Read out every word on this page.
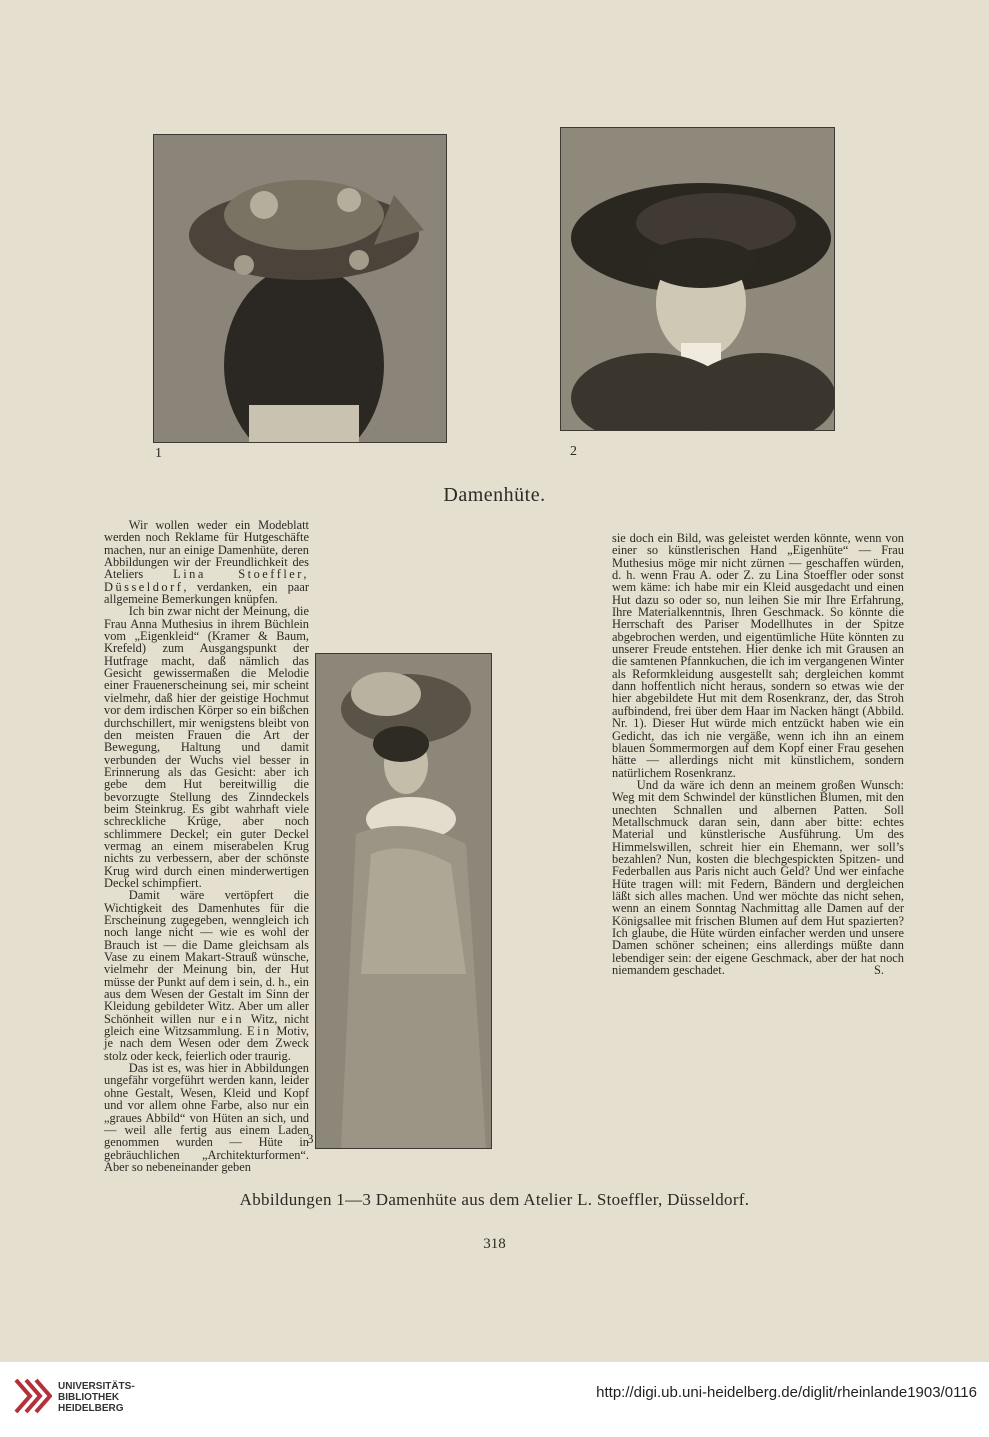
1	2
Damenhüte.
3

Wir wollen weder ein Modeblatt werden noch Reklame für Hutgeschäfte machen, nur an einige Damenhüte, deren Abbildungen wir der Freundlichkeit des Ateliers Lina Stoeffler, Düsseldorf, verdanken, ein paar allgemeine Bemerkungen knüpfen.

Ich bin zwar nicht der Meinung, die Frau Anna Muthesius in ihrem Büchlein vom „Eigenkleid“ (Kramer & Baum, Krefeld) zum Ausgangspunkt der Hutfrage macht, daß nämlich das Gesicht gewissermaßen die Melodie einer Frauenerscheinung sei, mir scheint vielmehr, daß hier der geistige Hochmut vor dem irdischen Körper so ein bißchen durchschillert, mir wenigstens bleibt von den meisten Frauen die Art der Bewegung, Haltung und damit verbunden der Wuchs viel besser in Erinnerung als das Gesicht: aber ich gebe dem Hut bereitwillig die bevorzugte Stellung des Zinndeckels beim Steinkrug. Es gibt wahrhaft viele schreckliche Krüge, aber noch schlimmere Deckel; ein guter Deckel vermag an einem miserabelen Krug nichts zu verbessern, aber der schönste Krug wird durch einen minderwertigen Deckel schimpfiert.

Damit wäre vertöpfert die Wichtigkeit des Damenhutes für die Erscheinung zugegeben, wenngleich ich noch lange nicht — wie es wohl der Brauch ist — die Dame gleichsam als Vase zu einem Makart-Strauß wünsche, vielmehr der Meinung bin, der Hut müsse der Punkt auf dem i sein, d. h., ein aus dem Wesen der Gestalt im Sinn der Kleidung gebildeter Witz. Aber um aller Schönheit willen nur ein Witz, nicht gleich eine Witzsammlung. Ein Motiv, je nach dem Wesen oder dem Zweck stolz oder keck, feierlich oder traurig.

Das ist es, was hier in Abbildungen ungefähr vorgeführt werden kann, leider ohne Gestalt, Wesen, Kleid und Kopf und vor allem ohne Farbe, also nur ein „graues Abbild“ von Hüten an sich, und — weil alle fertig aus einem Laden genommen wurden — Hüte in gebräuchlichen „Architekturformen“. Aber so nebeneinander geben

sie doch ein Bild, was geleistet werden könnte, wenn von einer so künstlerischen Hand „Eigenhüte“ — Frau Muthesius möge mir nicht zürnen — geschaffen würden, d. h. wenn Frau A. oder Z. zu Lina Stoeffler oder sonst wem käme: ich habe mir ein Kleid ausgedacht und einen Hut dazu so oder so, nun leihen Sie mir Ihre Erfahrung, Ihre Materialkenntnis, Ihren Geschmack. So könnte die Herrschaft des Pariser Modellhutes in der Spitze abgebrochen werden, und eigentümliche Hüte könnten zu unserer Freude entstehen. Hier denke ich mit Grausen an die samtenen Pfannkuchen, die ich im vergangenen Winter als Reformkleidung ausgestellt sah; dergleichen kommt dann hoffentlich nicht heraus, sondern so etwas wie der hier abgebildete Hut mit dem Rosenkranz, der, das Stroh aufbindend, frei über dem Haar im Nacken hängt (Abbild. Nr. 1). Dieser Hut würde mich entzückt haben wie ein Gedicht, das ich nie vergäße, wenn ich ihn an einem blauen Sommermorgen auf dem Kopf einer Frau gesehen hätte — allerdings nicht mit künstlichem, sondern natürlichem Rosenkranz.

Und da wäre ich denn an meinem großen Wunsch: Weg mit dem Schwindel der künstlichen Blumen, mit den unechten Schnallen und albernen Patten. Soll Metallschmuck daran sein, dann aber bitte: echtes Material und künstlerische Ausführung. Um des Himmelswillen, schreit hier ein Ehemann, wer soll’s bezahlen? Nun, kosten die blechgespickten Spitzen- und Federballen aus Paris nicht auch Geld? Und wer einfache Hüte tragen will: mit Federn, Bändern und dergleichen läßt sich alles machen. Und wer möchte das nicht sehen, wenn an einem Sonntag Nachmittag alle Damen auf der Königsallee mit frischen Blumen auf dem Hut spazierten? Ich glaube, die Hüte würden einfacher werden und unsere Damen schöner scheinen; eins allerdings müßte dann lebendiger sein: der eigene Geschmack, aber der hat noch niemandem geschadet.	S.

Abbildungen 1—3 Damenhüte aus dem Atelier L. Stoeffler, Düsseldorf.
318
UNIVERSITÄTS-
BIBLIOTHEK
HEIDELBERG
http://digi.ub.uni-heidelberg.de/diglit/rheinlande1903/0116
